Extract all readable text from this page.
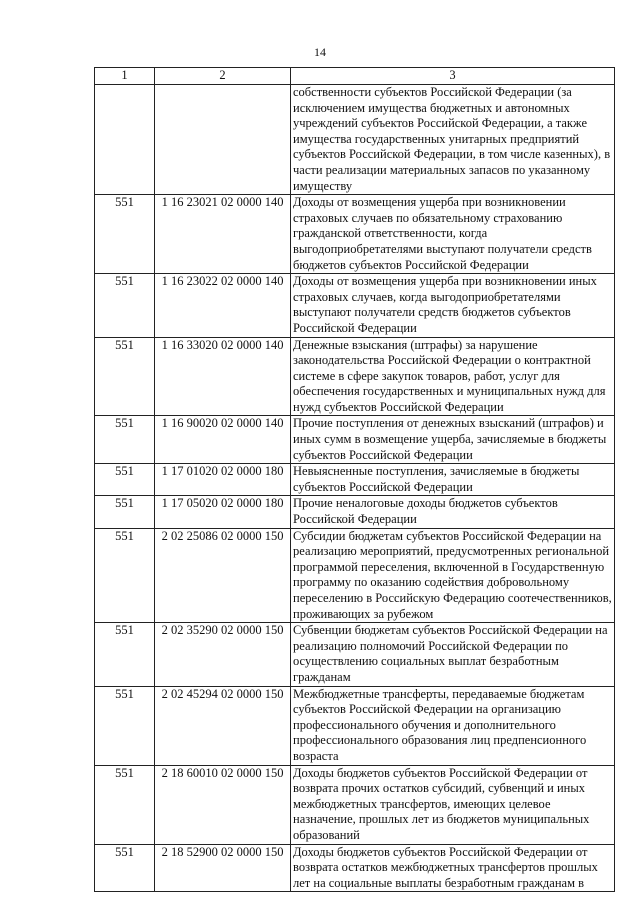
14
1	2	3
		собственности субъектов Российской Федерации (за исключением имущества бюджетных и автономных учреждений субъектов Российской Федерации, а также имущества государственных унитарных предприятий субъектов Российской Федерации, в том числе казенных), в части реализации материальных запасов по указанному имуществу
551	1 16 23021 02 0000 140	Доходы от возмещения ущерба при возникновении страховых случаев по обязательному страхованию гражданской ответственности, когда выгодоприобретателями выступают получатели средств бюджетов субъектов Российской Федерации
551	1 16 23022 02 0000 140	Доходы от возмещения ущерба при возникновении иных страховых случаев, когда выгодоприобретателями выступают получатели средств бюджетов субъектов Российской Федерации
551	1 16 33020 02 0000 140	Денежные взыскания (штрафы) за нарушение законодательства Российской Федерации о контрактной системе в сфере закупок товаров, работ, услуг для обеспечения государственных и муниципальных нужд для нужд субъектов Российской Федерации
551	1 16 90020 02 0000 140	Прочие поступления от денежных взысканий (штрафов) и иных сумм в возмещение ущерба, зачисляемые в бюджеты субъектов Российской Федерации
551	1 17 01020 02 0000 180	Невыясненные поступления, зачисляемые в бюджеты субъектов Российской Федерации
551	1 17 05020 02 0000 180	Прочие неналоговые доходы бюджетов субъектов Российской Федерации
551	2 02 25086 02 0000 150	Субсидии бюджетам субъектов Российской Федерации на реализацию мероприятий, предусмотренных региональной программой переселения, включенной в Государственную программу по оказанию содействия добровольному переселению в Российскую Федерацию соотечественников, проживающих за рубежом
551	2 02 35290 02 0000 150	Субвенции бюджетам субъектов Российской Федерации на реализацию полномочий Российской Федерации по осуществлению социальных выплат безработным гражданам
551	2 02 45294 02 0000 150	Межбюджетные трансферты, передаваемые бюджетам субъектов Российской Федерации на организацию профессионального обучения и дополнительного профессионального образования лиц предпенсионного возраста
551	2 18 60010 02 0000 150	Доходы бюджетов субъектов Российской Федерации от возврата прочих остатков субсидий, субвенций и иных межбюджетных трансфертов, имеющих целевое назначение, прошлых лет из бюджетов муниципальных образований
551	2 18 52900 02 0000 150	Доходы бюджетов субъектов Российской Федерации от возврата остатков межбюджетных трансфертов прошлых лет на социальные выплаты безработным гражданам в
